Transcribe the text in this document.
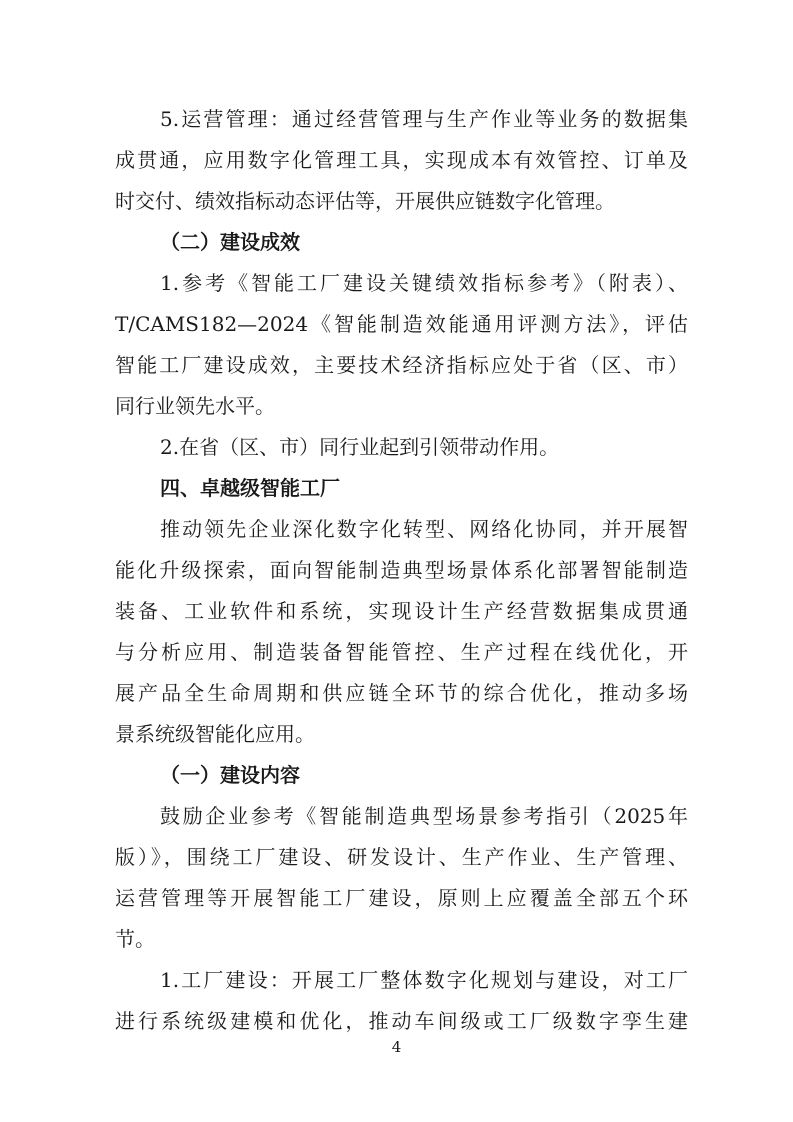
5.运营管理：通过经营管理与生产作业等业务的数据集
成贯通，应用数字化管理工具，实现成本有效管控、订单及
时交付、绩效指标动态评估等，开展供应链数字化管理。
（二）建设成效
1.参考《智能工厂建设关键绩效指标参考》（附表）、
T/CAMS182—2024《智能制造效能通用评测方法》，评估
智能工厂建设成效，主要技术经济指标应处于省（区、市）
同行业领先水平。
2.在省（区、市）同行业起到引领带动作用。
四、卓越级智能工厂
推动领先企业深化数字化转型、网络化协同，并开展智
能化升级探索，面向智能制造典型场景体系化部署智能制造
装备、工业软件和系统，实现设计生产经营数据集成贯通
与分析应用、制造装备智能管控、生产过程在线优化，开
展产品全生命周期和供应链全环节的综合优化，推动多场
景系统级智能化应用。
（一）建设内容
鼓励企业参考《智能制造典型场景参考指引（2025年
版）》，围绕工厂建设、研发设计、生产作业、生产管理、
运营管理等开展智能工厂建设，原则上应覆盖全部五个环
节。
1.工厂建设：开展工厂整体数字化规划与建设，对工厂
进行系统级建模和优化，推动车间级或工厂级数字孪生建
4
